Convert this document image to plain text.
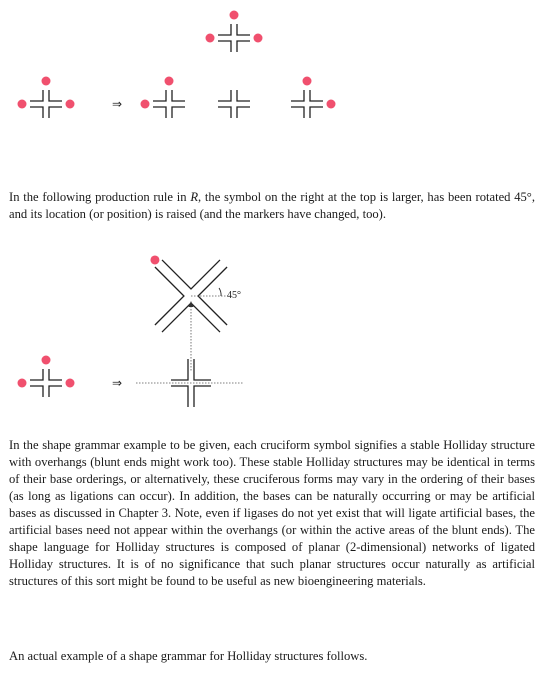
⇒

In the following production rule in R, the symbol on the right at the top is larger, has been rotated 45°, and its location (or position) is raised (and the markers have changed, too).

45°
⇒

In the shape grammar example to be given, each cruciform symbol signifies a stable Holliday structure with overhangs (blunt ends might work too). These stable Holliday structures may be identical in terms of their base orderings, or alternatively, these cruciferous forms may vary in the ordering of their bases (as long as ligations can occur). In addition, the bases can be naturally occurring or may be artificial bases as discussed in Chapter 3. Note, even if ligases do not yet exist that will ligate artificial bases, the artificial bases need not appear within the overhangs (or within the active areas of the blunt ends). The shape language for Holliday structures is composed of planar (2-dimensional) networks of ligated Holliday structures. It is of no significance that such planar structures occur naturally as artificial structures of this sort might be found to be useful as new bioengineering materials.

An actual example of a shape grammar for Holliday structures follows.
